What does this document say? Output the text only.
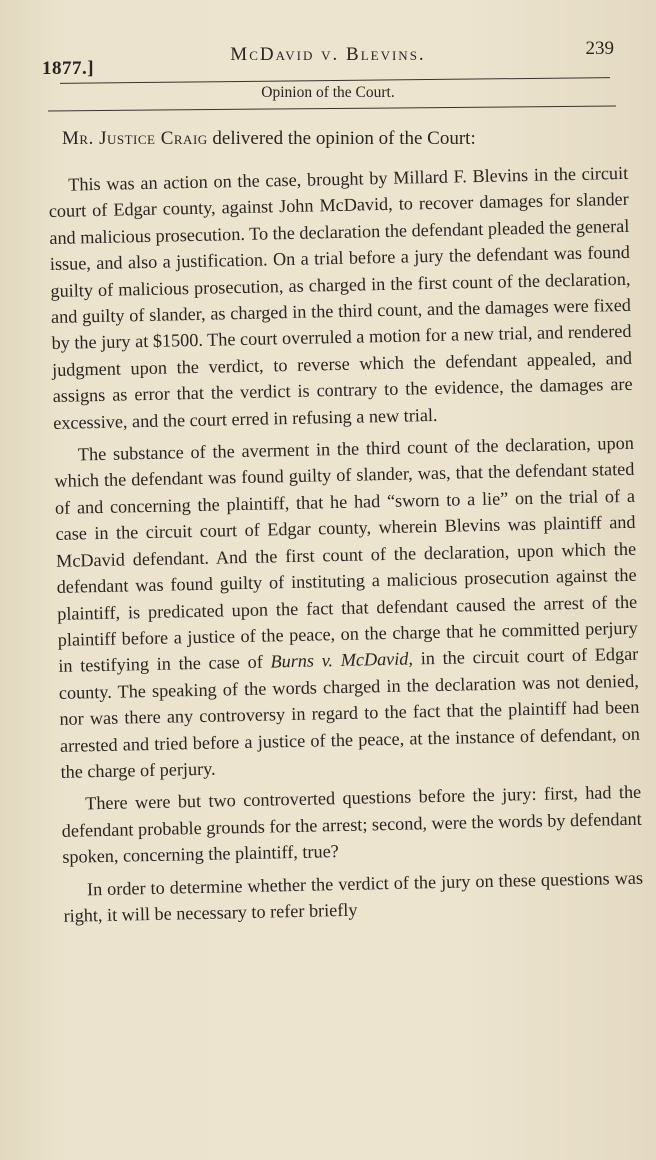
1877.]
McDavid v. Blevins.	239
Opinion of the Court.
Mr. Justice Craig delivered the opinion of the Court:

This was an action on the case, brought by Millard F. Blevins in the circuit court of Edgar county, against John McDavid, to recover damages for slander and malicious prosecution. To the declaration the defendant pleaded the general issue, and also a justification. On a trial before a jury the defendant was found guilty of malicious prosecution, as charged in the first count of the declaration, and guilty of slander, as charged in the third count, and the damages were fixed by the jury at $1500. The court overruled a motion for a new trial, and rendered judgment upon the verdict, to reverse which the defendant appealed, and assigns as error that the verdict is contrary to the evidence, the damages are excessive, and the court erred in refusing a new trial.

The substance of the averment in the third count of the declaration, upon which the defendant was found guilty of slander, was, that the defendant stated of and concerning the plaintiff, that he had “sworn to a lie” on the trial of a case in the circuit court of Edgar county, wherein Blevins was plaintiff and McDavid defendant. And the first count of the declaration, upon which the defendant was found guilty of instituting a malicious prosecution against the plaintiff, is predicated upon the fact that defendant caused the arrest of the plaintiff before a justice of the peace, on the charge that he committed perjury in testifying in the case of Burns v. McDavid, in the circuit court of Edgar county. The speaking of the words charged in the declaration was not denied, nor was there any controversy in regard to the fact that the plaintiff had been arrested and tried before a justice of the peace, at the instance of defendant, on the charge of perjury.

There were but two controverted questions before the jury: first, had the defendant probable grounds for the arrest; second, were the words by defendant spoken, concerning the plaintiff, true?

In order to determine whether the verdict of the jury on these questions was right, it will be necessary to refer briefly
